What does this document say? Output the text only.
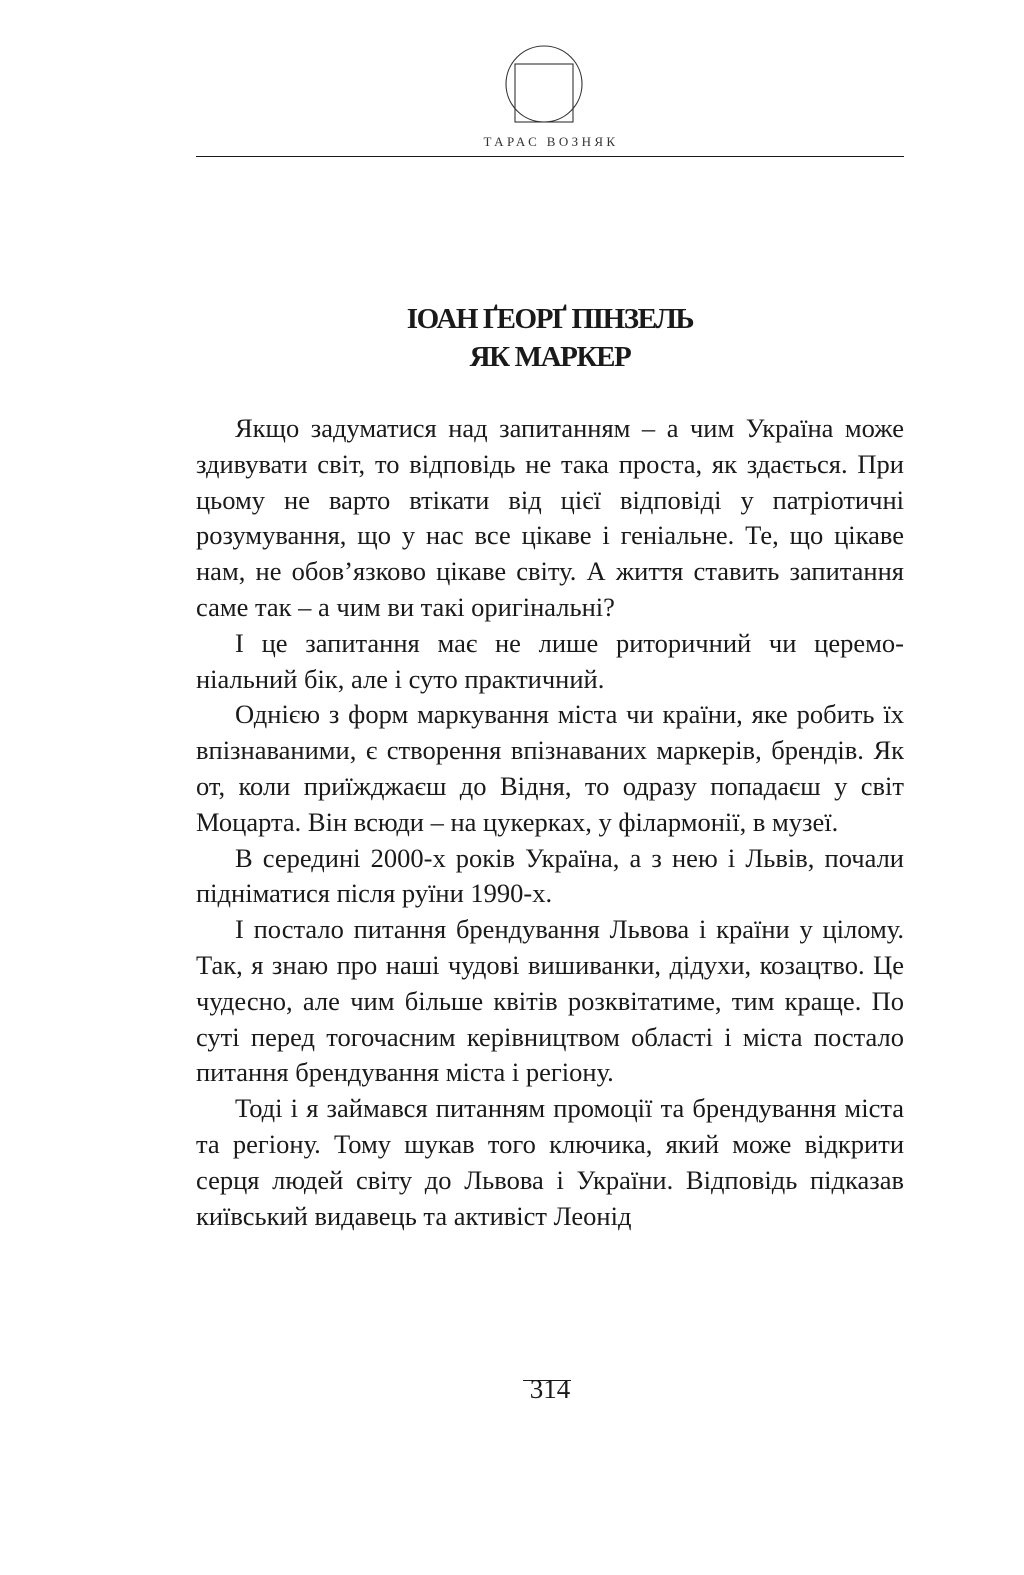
ТАРАС ВОЗНЯК
ІОАН ҐЕОРҐ ПІНЗЕЛЬ
ЯК МАРКЕР

Якщо задуматися над запитанням – а чим Україна може здивувати світ, то відповідь не така проста, як здається. При цьому не варто втікати від цієї відповіді у патріотичні розумування, що у нас все цікаве і геніальне. Те, що цікаве нам, не обов’язково цікаве світу. А життя ставить запитання саме так – а чим ви такі оригінальні?

І це запитання має не лише риторичний чи церемоніальний бік, але і суто практичний.

Однією з форм маркування міста чи країни, яке робить їх впізнаваними, є створення впізнаваних маркерів, брендів. Як от, коли приїжджаєш до Відня, то одразу попадаєш у світ Моцарта. Він всюди – на цукерках, у філармонії, в музеї.

В середині 2000-х років Україна, а з нею і Львів, почали підніматися після руїни 1990-х.

І постало питання брендування Львова і країни у цілому. Так, я знаю про наші чудові вишиванки, дідухи, козацтво. Це чудесно, але чим більше квітів розквітатиме, тим краще. По суті перед тогочасним керівництвом області і міста постало питання брендування міста і регіону.

Тоді і я займався питанням промоції та брендування міста та регіону. Тому шукав того ключика, який може відкрити серця людей світу до Львова і України. Відповідь підказав київський видавець та активіст Леонід

314
